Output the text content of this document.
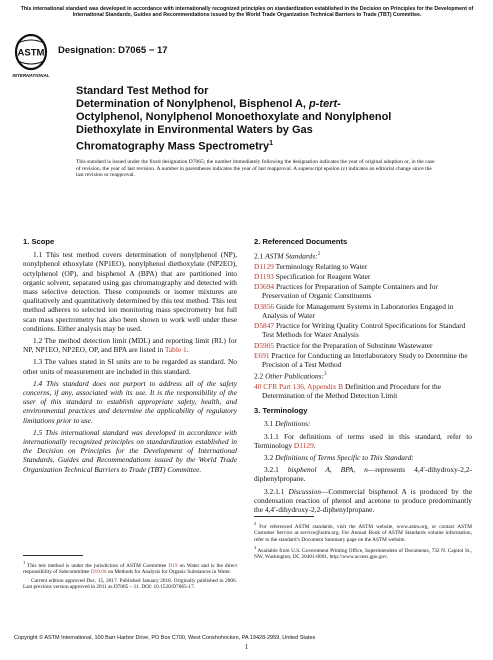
This international standard was developed in accordance with internationally recognized principles on standardization established in the Decision on Principles for the Development of International Standards, Guides and Recommendations issued by the World Trade Organization Technical Barriers to Trade (TBT) Committee.
ASTM
INTERNATIONAL
Designation: D7065 − 17
Standard Test Method for
Determination of Nonylphenol, Bisphenol A, p-tert-
Octylphenol, Nonylphenol Monoethoxylate and Nonylphenol
Diethoxylate in Environmental Waters by Gas
Chromatography Mass Spectrometry$^1$
This standard is issued under the fixed designation D7065; the number immediately following the designation indicates the year of original adoption or, in the case of revision, the year of last revision. A number in parentheses indicates the year of last reapproval. A superscript epsilon (ε) indicates an editorial change since the last revision or reapproval.
1. Scope

1.1 This test method covers determination of nonylphenol (NP), nonylphenol ethoxylate (NP1EO), nonylphenol diethoxylate (NP2EO), octylphenol (OP), and bisphenol A (BPA) that are partitioned into organic solvent, separated using gas chromatography and detected with mass selective detection. These compounds or isomer mixtures are qualitatively and quantitatively determined by this test method. This test method adheres to selected ion monitoring mass spectrometry but full scan mass spectrometry has also been shown to work well under these conditions. Either analysis may be used.

1.2 The method detection limit (MDL) and reporting limit (RL) for NP, NP1EO, NP2EO, OP, and BPA are listed in Table 1.

1.3 The values stated in SI units are to be regarded as standard. No other units of measurement are included in this standard.

1.4 This standard does not purport to address all of the safety concerns, if any, associated with its use. It is the responsibility of the user of this standard to establish appropriate safety, health, and environmental practices and determine the applicability of regulatory limitations prior to use.

1.5 This international standard was developed in accordance with internationally recognized principles on standardization established in the Decision on Principles for the Development of International Standards, Guides and Recommendations issued by the World Trade Organization Technical Barriers to Trade (TBT) Committee.

2. Referenced Documents
2.1 ASTM Standards:$^2$
D1129 Terminology Relating to Water
D1193 Specification for Reagent Water
D3694 Practices for Preparation of Sample Containers and for Preservation of Organic Constituents
D3856 Guide for Management Systems in Laboratories Engaged in Analysis of Water
D5847 Practice for Writing Quality Control Specifications for Standard Test Methods for Water Analysis
D5905 Practice for the Preparation of Substitute Wastewater
E691 Practice for Conducting an Interlaboratory Study to Determine the Precision of a Test Method
2.2 Other Publications:$^3$
40 CFR Part 136, Appendix B Definition and Procedure for the Determination of the Method Detection Limit
3. Terminology

3.1 Definitions:

3.1.1 For definitions of terms used in this standard, refer to Terminology D1129.

3.2 Definitions of Terms Specific to This Standard:

3.2.1 bisphenol A, BPA, n—represents 4,4′-dihydroxy-2,2-diphenylpropane.

3.2.1.1 Discussion—Commercial bisphenol A is produced by the condensation reaction of phenol and acetone to produce predominantly the 4,4′-dihydroxy-2,2-diphenylpropane.

$^1$ This test method is under the jurisdiction of ASTM Committee D19 on Water and is the direct responsibility of Subcommittee D19.06 on Methods for Analysis for Organic Substances in Water.

Current edition approved Dec. 15, 2017. Published January 2018. Originally published in 2006. Last previous version approved in 2011 as D7065 – 11. DOI: 10.1520/D7065-17.

$^2$ For referenced ASTM standards, visit the ASTM website, www.astm.org, or contact ASTM Customer Service at service@astm.org. For Annual Book of ASTM Standards volume information, refer to the standard’s Document Summary page on the ASTM website.

$^3$ Available from U.S. Government Printing Office, Superintendent of Documents, 732 N. Capitol St., NW, Washington, DC 20401-0001, http://www.access.gpo.gov.

Copyright © ASTM International, 100 Barr Harbor Drive, PO Box C700, West Conshohocken, PA 19428-2959. United States
1
